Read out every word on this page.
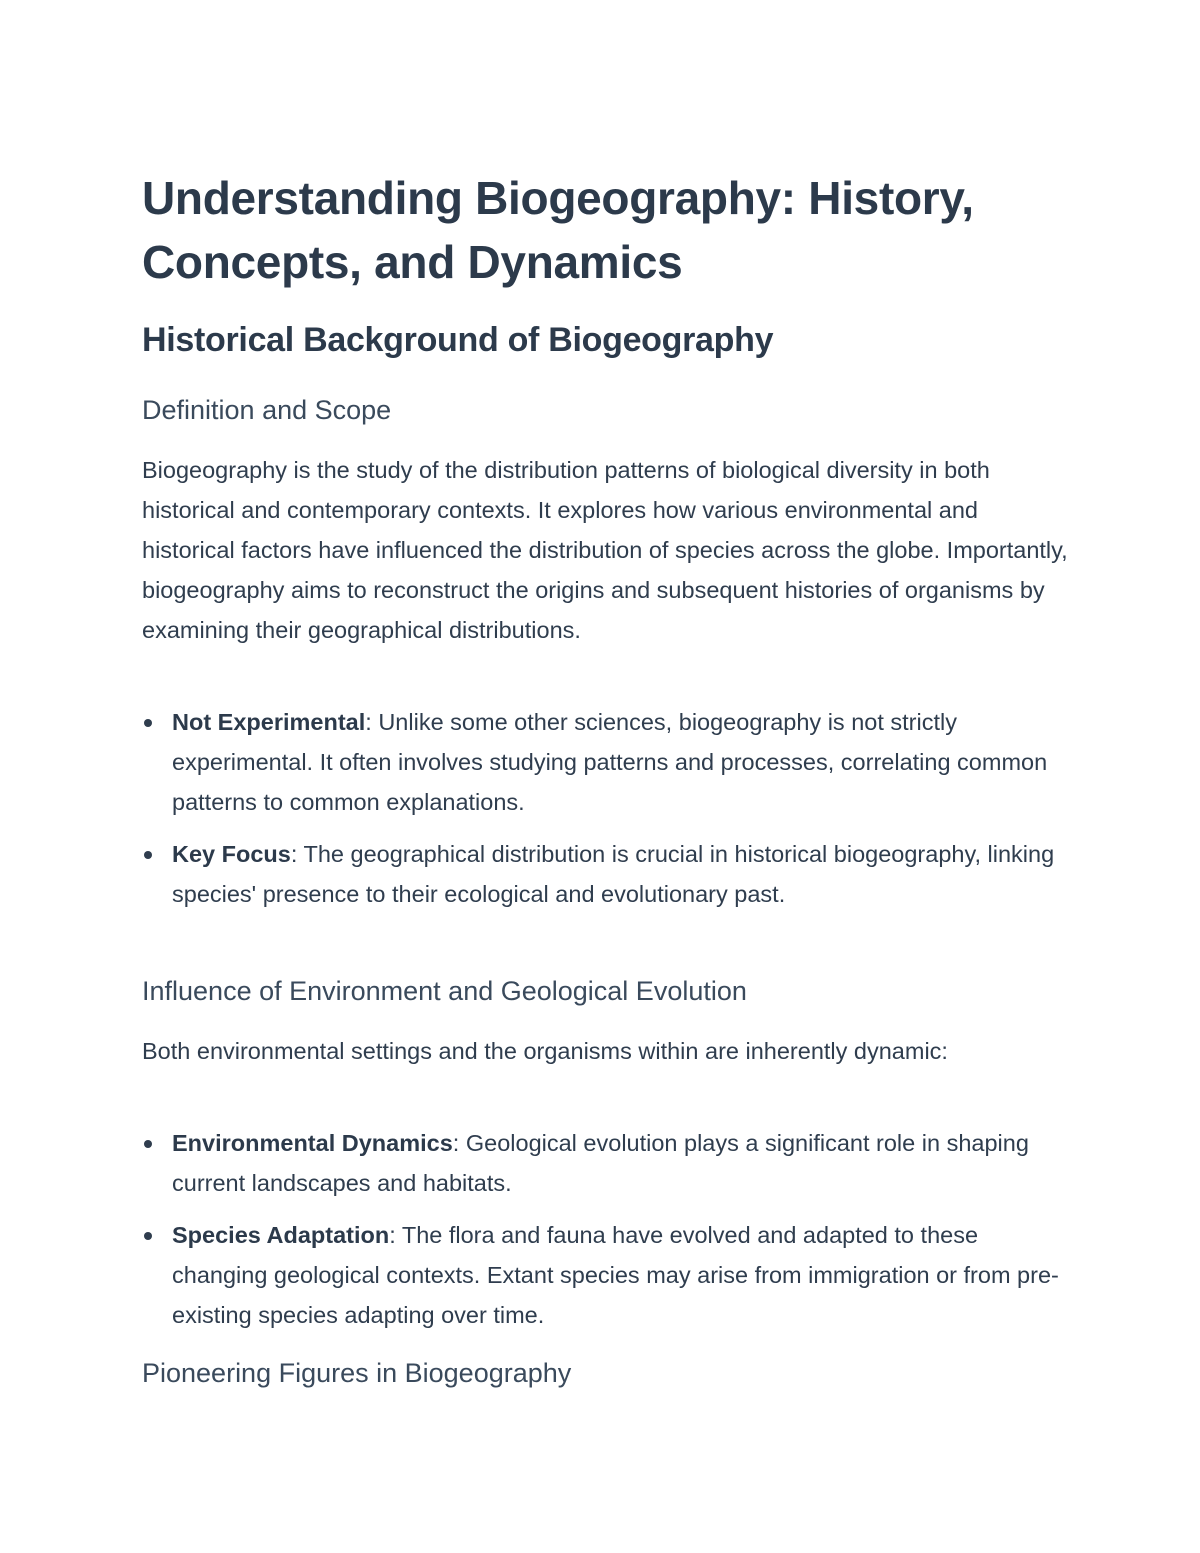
Understanding Biogeography: History, Concepts, and Dynamics
Historical Background of Biogeography
Definition and Scope

Biogeography is the study of the distribution patterns of biological diversity in both historical and contemporary contexts. It explores how various environmental and historical factors have influenced the distribution of species across the globe. Importantly, biogeography aims to reconstruct the origins and subsequent histories of organisms by examining their geographical distributions.

Not Experimental: Unlike some other sciences, biogeography is not strictly experimental. It often involves studying patterns and processes, correlating common patterns to common explanations.
Key Focus: The geographical distribution is crucial in historical biogeography, linking species' presence to their ecological and evolutionary past.
Influence of Environment and Geological Evolution

Both environmental settings and the organisms within are inherently dynamic:

Environmental Dynamics: Geological evolution plays a significant role in shaping current landscapes and habitats.
Species Adaptation: The flora and fauna have evolved and adapted to these changing geological contexts. Extant species may arise from immigration or from pre-existing species adapting over time.
Pioneering Figures in Biogeography
